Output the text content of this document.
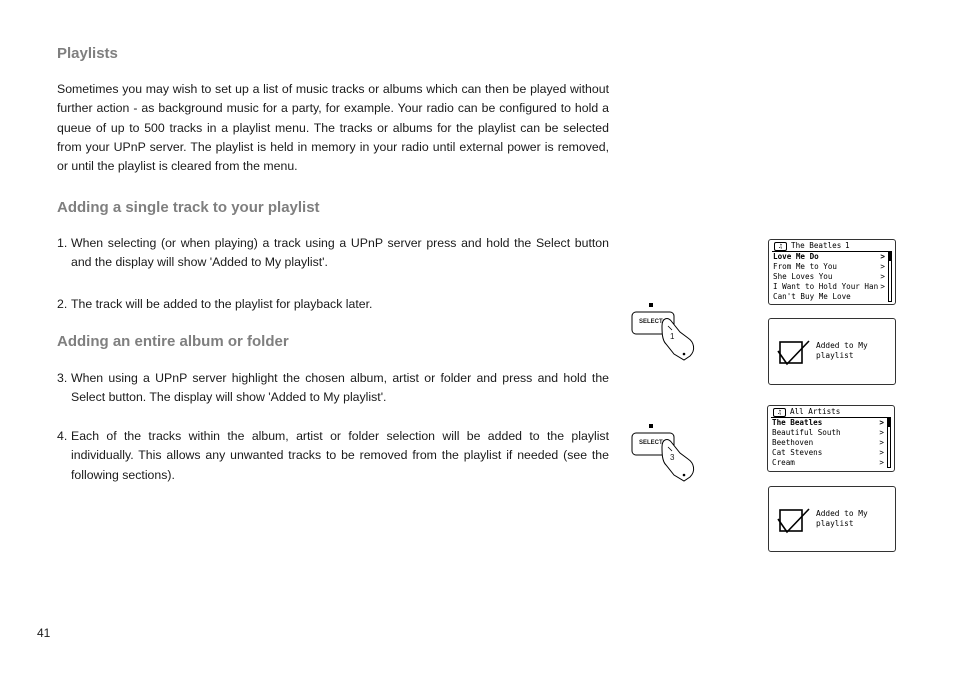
Playlists
Sometimes you may wish to set up a list of music tracks or albums which can then be played without further action - as background music for a party, for example. Your radio can be configured to hold a queue of up to 500 tracks in a playlist menu. The tracks or albums for the playlist can be selected from your UPnP server. The playlist is held in memory in your radio until external power is removed, or until the playlist is cleared from the menu.
Adding a single track to your playlist
1. When selecting (or when playing) a track using a UPnP server press and hold the Select button and the display will show 'Added to My playlist'.
2. The track will be added to the playlist for playback later.
Adding an entire album or folder
3. When using a UPnP server highlight the chosen album, artist or folder and press and hold the Select button. The display will show 'Added to My playlist'.
4. Each of the tracks within the album, artist or folder selection will be added to the playlist individually. This allows any unwanted tracks to be removed from the playlist if needed (see the following sections).
41
SELECT
1
SELECT
3
♫	The Beatles 1
Love Me Do
From Me to You
She Loves You
I Want to Hold Your Han
Can't Buy Me Love
>
>
>
>
Added to My
playlist
♫	All Artists
The Beatles
Beautiful South
Beethoven
Cat Stevens
Cream
>
>
>
>
>
Added to My
playlist
